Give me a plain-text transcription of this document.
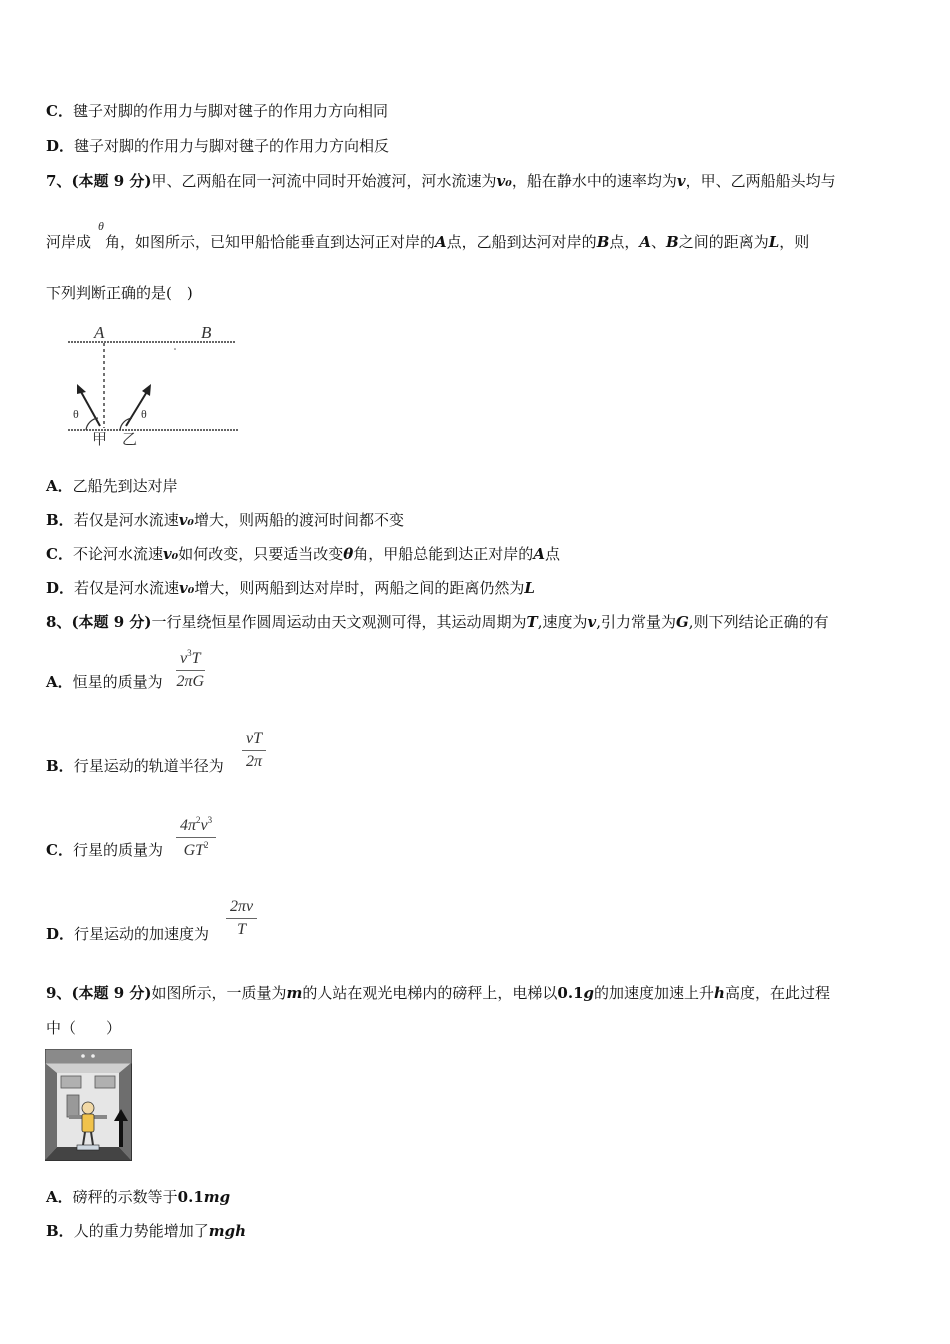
C．毽子对脚的作用力与脚对毽子的作用力方向相同
D．毽子对脚的作用力与脚对毽子的作用力方向相反
7、(本题 9 分)甲、乙两船在同一河流中同时开始渡河，河水流速为v₀，船在静水中的速率均为v，甲、乙两船船头均与
θ
河岸成 角，如图所示，已知甲船恰能垂直到达河正对岸的A点，乙船到达河对岸的B点，A、B之间的距离为L，则
下列判断正确的是(　)
A	B
θ	θ
甲 乙
A．乙船先到达对岸
B．若仅是河水流速v₀增大，则两船的渡河时间都不变
C．不论河水流速v₀如何改变，只要适当改变θ角，甲船总能到达正对岸的A点
D．若仅是河水流速v₀增大，则两船到达对岸时，两船之间的距离仍然为L
8、(本题 9 分)一行星绕恒星作圆周运动由天文观测可得，其运动周期为T,速度为v,引力常量为G,则下列结论正确的有
A．恒星的质量为
$v^3T$
2πG
B．行星运动的轨道半径为
vT
2π
C．行星的质量为
$4\pi^2v^3$
$GT^2$
D．行星运动的加速度为
2πv
T
9、(本题 9 分)如图所示，一质量为m的人站在观光电梯内的磅秤上，电梯以0.1g的加速度加速上升h高度，在此过程
中（　　）
A．磅秤的示数等于0.1mg
B．人的重力势能增加了mgh
